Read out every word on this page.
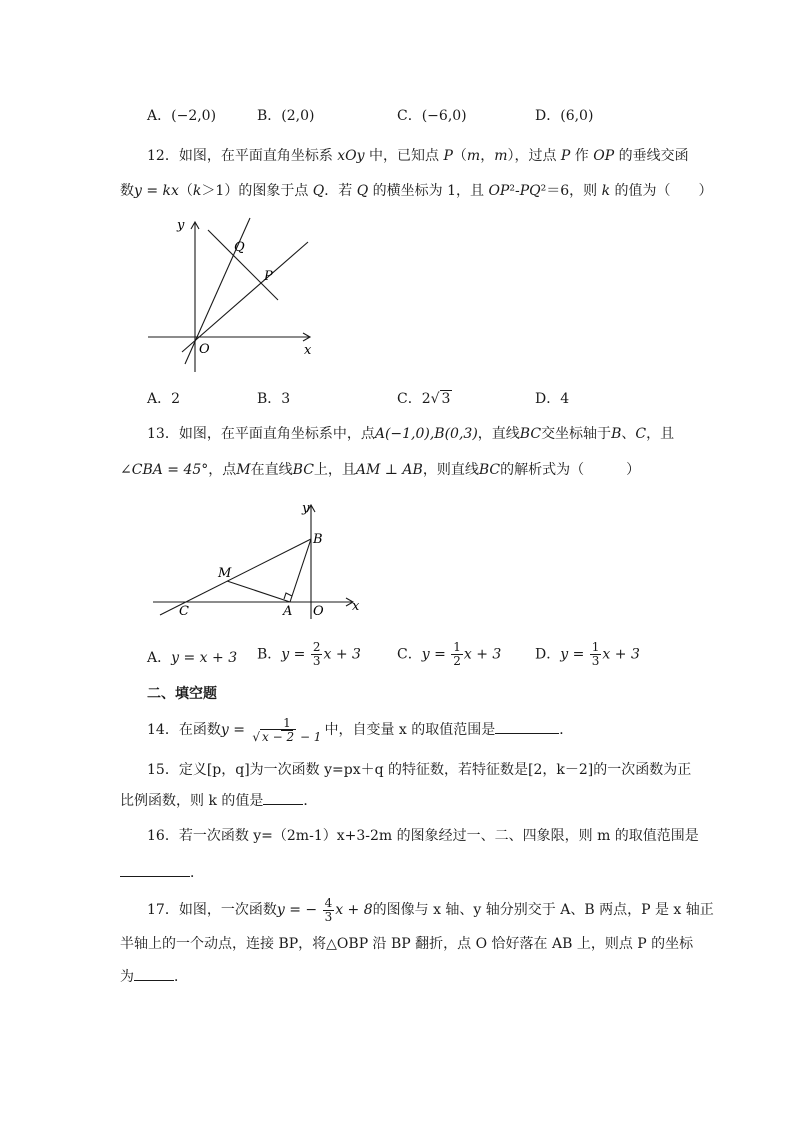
A．(−2,0)	B．(2,0)	C．(−6,0)	D．(6,0)
12．如图，在平面直角坐标系 xOy 中，已知点 P（m，m），过点 P 作 OP 的垂线交函
数y = kx（k＞1）的图象于点 Q．若 Q 的横坐标为 1，且 OP²-PQ²＝6，则 k 的值为（　　）
y
x
O
Q
P
A．2	B．3	C．2√ 3	D．4
13．如图，在平面直角坐标系中，点A(−1,0),B(0,3)，直线BC交坐标轴于B、C，且
∠CBA = 45°，点M在直线BC上，且AM ⊥ AB，则直线BC的解析式为（　　　）
y
x
O
B
M
C	A
A．y = x + 3 B．$y = \frac{2}{3}$ x + 3	C．$y = \frac{1}{2}$ x + 3 D．$y = \frac{1}{3}$ x + 3
二、填空题
14．在函数$y = \frac{1}{√ x - 2 - 1}$ 中，自变量 x 的取值范围是	．
15．定义[p，q]为一次函数 y=px＋q 的特征数，若特征数是[2，k－2]的一次函数为正
比例函数，则 k 的值是	．
16．若一次函数 y=（2m-1）x+3-2m 的图象经过一、二、四象限，则 m 的取值范围是
．
17．如图，一次函数y = − $\frac{4}{3}$ x + 8的图像与 x 轴、y 轴分别交于 A、B 两点，P 是 x 轴正
半轴上的一个动点，连接 BP，将△OBP 沿 BP 翻折，点 O 恰好落在 AB 上，则点 P 的坐标
为	．
